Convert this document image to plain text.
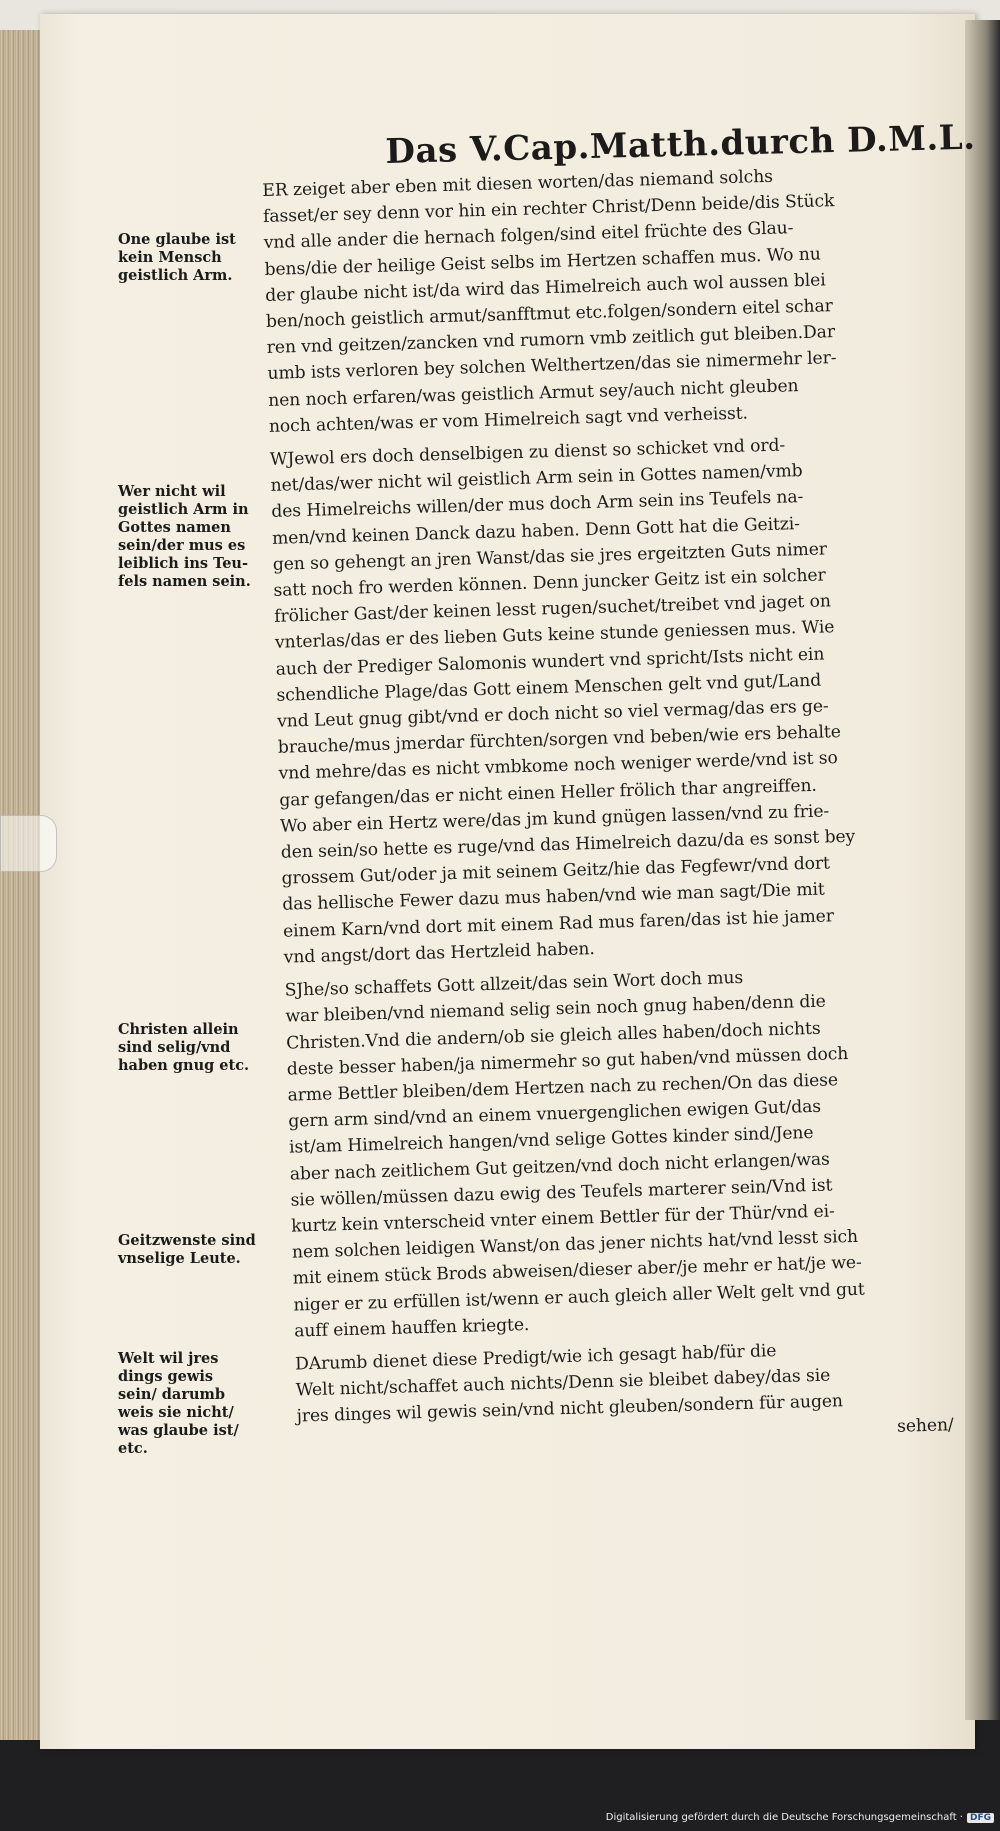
Das V.Cap.Matth.durch D.M.L.
One glaube ist
kein Mensch
geistlich Arm.
Wer nicht wil
geistlich Arm in
Gottes namen
sein/der mus es
leiblich ins Teu-
fels namen sein.
Christen allein
sind selig/vnd
haben gnug etc.
Geitzwenste sind
vnselige Leute.
Welt wil jres
dings gewis
sein/ darumb
weis sie nicht/
was glaube ist/
etc.
ER zeiget aber eben mit diesen worten/das niemand solchs
fasset/er sey denn vor hin ein rechter Christ/Denn beide/dis Stück
vnd alle ander die hernach folgen/sind eitel früchte des Glau-
bens/die der heilige Geist selbs im Hertzen schaffen mus. Wo nu
der glaube nicht ist/da wird das Himelreich auch wol aussen blei
ben/noch geistlich armut/sanfftmut etc.folgen/sondern eitel schar
ren vnd geitzen/zancken vnd rumorn vmb zeitlich gut bleiben.Dar
umb ists verloren bey solchen Welthertzen/das sie nimermehr ler-
nen noch erfaren/was geistlich Armut sey/auch nicht gleuben
noch achten/was er vom Himelreich sagt vnd verheisst.
WJewol ers doch denselbigen zu dienst so schicket vnd ord-
net/das/wer nicht wil geistlich Arm sein in Gottes namen/vmb
des Himelreichs willen/der mus doch Arm sein ins Teufels na-
men/vnd keinen Danck dazu haben. Denn Gott hat die Geitzi-
gen so gehengt an jren Wanst/das sie jres ergeitzten Guts nimer
satt noch fro werden können. Denn juncker Geitz ist ein solcher
frölicher Gast/der keinen lesst rugen/suchet/treibet vnd jaget on
vnterlas/das er des lieben Guts keine stunde geniessen mus. Wie
auch der Prediger Salomonis wundert vnd spricht/Ists nicht ein
schendliche Plage/das Gott einem Menschen gelt vnd gut/Land
vnd Leut gnug gibt/vnd er doch nicht so viel vermag/das ers ge-
brauche/mus jmerdar fürchten/sorgen vnd beben/wie ers behalte
vnd mehre/das es nicht vmbkome noch weniger werde/vnd ist so
gar gefangen/das er nicht einen Heller frölich thar angreiffen.
Wo aber ein Hertz were/das jm kund gnügen lassen/vnd zu frie-
den sein/so hette es ruge/vnd das Himelreich dazu/da es sonst bey
grossem Gut/oder ja mit seinem Geitz/hie das Fegfewr/vnd dort
das hellische Fewer dazu mus haben/vnd wie man sagt/Die mit
einem Karn/vnd dort mit einem Rad mus faren/das ist hie jamer
vnd angst/dort das Hertzleid haben.
SJhe/so schaffets Gott allzeit/das sein Wort doch mus
war bleiben/vnd niemand selig sein noch gnug haben/denn die
Christen.Vnd die andern/ob sie gleich alles haben/doch nichts
deste besser haben/ja nimermehr so gut haben/vnd müssen doch
arme Bettler bleiben/dem Hertzen nach zu rechen/On das diese
gern arm sind/vnd an einem vnuergenglichen ewigen Gut/das
ist/am Himelreich hangen/vnd selige Gottes kinder sind/Jene
aber nach zeitlichem Gut geitzen/vnd doch nicht erlangen/was
sie wöllen/müssen dazu ewig des Teufels marterer sein/Vnd ist
kurtz kein vnterscheid vnter einem Bettler für der Thür/vnd ei-
nem solchen leidigen Wanst/on das jener nichts hat/vnd lesst sich
mit einem stück Brods abweisen/dieser aber/je mehr er hat/je we-
niger er zu erfüllen ist/wenn er auch gleich aller Welt gelt vnd gut
auff einem hauffen kriegte.
DArumb dienet diese Predigt/wie ich gesagt hab/für die
Welt nicht/schaffet auch nichts/Denn sie bleibet dabey/das sie
jres dinges wil gewis sein/vnd nicht gleuben/sondern für augen	sehen/
Digitalisierung gefördert durch die Deutsche Forschungsgemeinschaft · DFG
